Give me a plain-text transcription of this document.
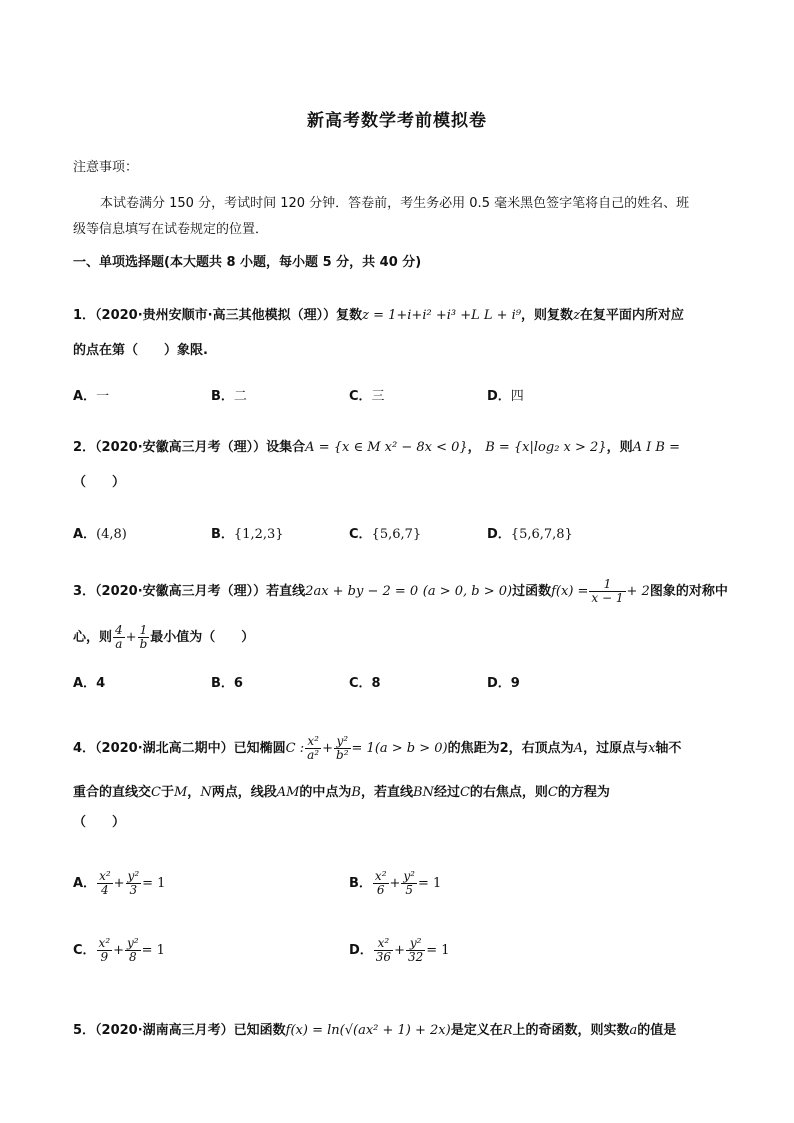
新高考数学考前模拟卷
注意事项：
本试卷满分 150 分，考试时间 120 分钟．答卷前，考生务必用 0.5 毫米黑色签字笔将自己的姓名、班
级等信息填写在试卷规定的位置．
一、单项选择题(本大题共 8 小题，每小题 5 分，共 40 分)
1．（2020·贵州安顺市·高三其他模拟（理））复数z = 1+i+i² +i³ +L L + i⁹，则复数z在复平面内所对应
的点在第（　　）象限.
A．一	B．二	C．三	D．四
2．（2020·安徽高三月考（理））设集合A = {x ∈ M x² − 8x < 0}， B = {x|log₂ x > 2}，则A I B =
（　　）
A．(4,8)	B．{1,2,3}	C．{5,6,7}	D．{5,6,7,8}
3．（2020·安徽高三月考（理））若直线2ax + by − 2 = 0 (a > 0, b > 0)过函数$f(x) = \frac{1}{x - 1} + 2$图象的对称中
心，则 $\frac{4}{a} + \frac{1}{b}$ 最小值为（　　）
A．4	B．6	C．8	D．9
4．（2020·湖北高二期中）已知椭圆C : $\frac{\text{x²}}{\text{a²}} + \frac{\text{y²}}{\text{b²}} = 1(a > b > 0)$的焦距为2，右顶点为A，过原点与x轴不
重合的直线交C于M，N两点，线段AM的中点为B，若直线BN经过C的右焦点，则C的方程为
（　　）
A． $\frac{\text{x²}}{4} + \frac{\text{y²}}{3} = 1$	B． $\frac{\text{x²}}{6} + \frac{\text{y²}}{5} = 1$
C． $\frac{\text{x²}}{9} + \frac{\text{y²}}{8} = 1$	D． $\frac{\text{x²}}{36} + \frac{\text{y²}}{32} = 1$
5．（2020·湖南高三月考）已知函数f(x) = ln(√(ax² + 1) + 2x)是定义在R上的奇函数，则实数a的值是
